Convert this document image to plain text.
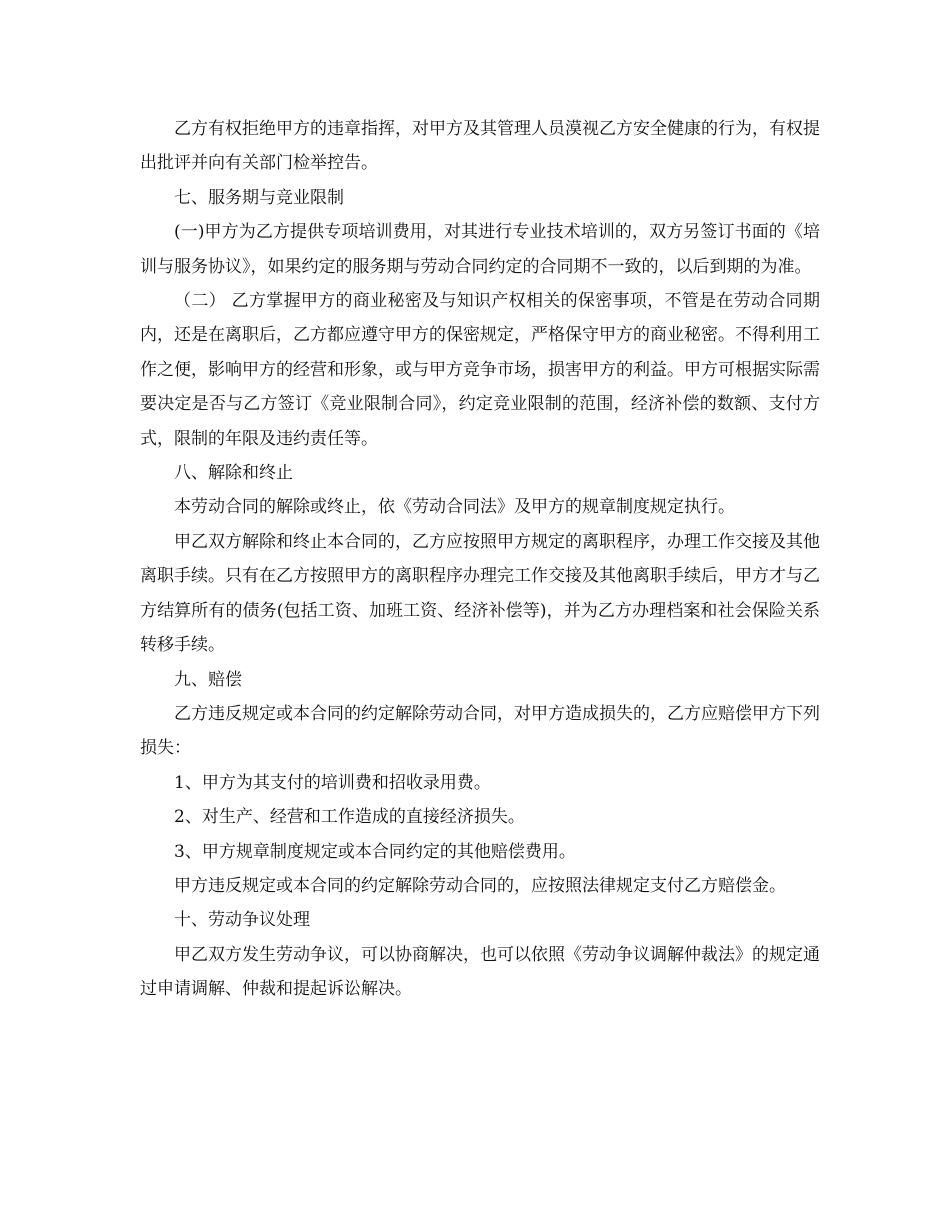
乙方有权拒绝甲方的违章指挥，对甲方及其管理人员漠视乙方安全健康的行为，有权提出批评并向有关部门检举控告。

七、服务期与竞业限制

(一)甲方为乙方提供专项培训费用，对其进行专业技术培训的，双方另签订书面的《培训与服务协议》，如果约定的服务期与劳动合同约定的合同期不一致的，以后到期的为准。

（二） 乙方掌握甲方的商业秘密及与知识产权相关的保密事项，不管是在劳动合同期内，还是在离职后，乙方都应遵守甲方的保密规定，严格保守甲方的商业秘密。不得利用工作之便，影响甲方的经营和形象，或与甲方竞争市场，损害甲方的利益。甲方可根据实际需要决定是否与乙方签订《竞业限制合同》，约定竞业限制的范围，经济补偿的数额、支付方式，限制的年限及违约责任等。

八、解除和终止

本劳动合同的解除或终止，依《劳动合同法》及甲方的规章制度规定执行。

甲乙双方解除和终止本合同的，乙方应按照甲方规定的离职程序，办理工作交接及其他离职手续。只有在乙方按照甲方的离职程序办理完工作交接及其他离职手续后，甲方才与乙方结算所有的债务(包括工资、加班工资、经济补偿等)，并为乙方办理档案和社会保险关系转移手续。

九、赔偿

乙方违反规定或本合同的约定解除劳动合同，对甲方造成损失的，乙方应赔偿甲方下列损失：

1、甲方为其支付的培训费和招收录用费。

2、对生产、经营和工作造成的直接经济损失。

3、甲方规章制度规定或本合同约定的其他赔偿费用。

甲方违反规定或本合同的约定解除劳动合同的，应按照法律规定支付乙方赔偿金。

十、劳动争议处理

甲乙双方发生劳动争议，可以协商解决，也可以依照《劳动争议调解仲裁法》的规定通过申请调解、仲裁和提起诉讼解决。
